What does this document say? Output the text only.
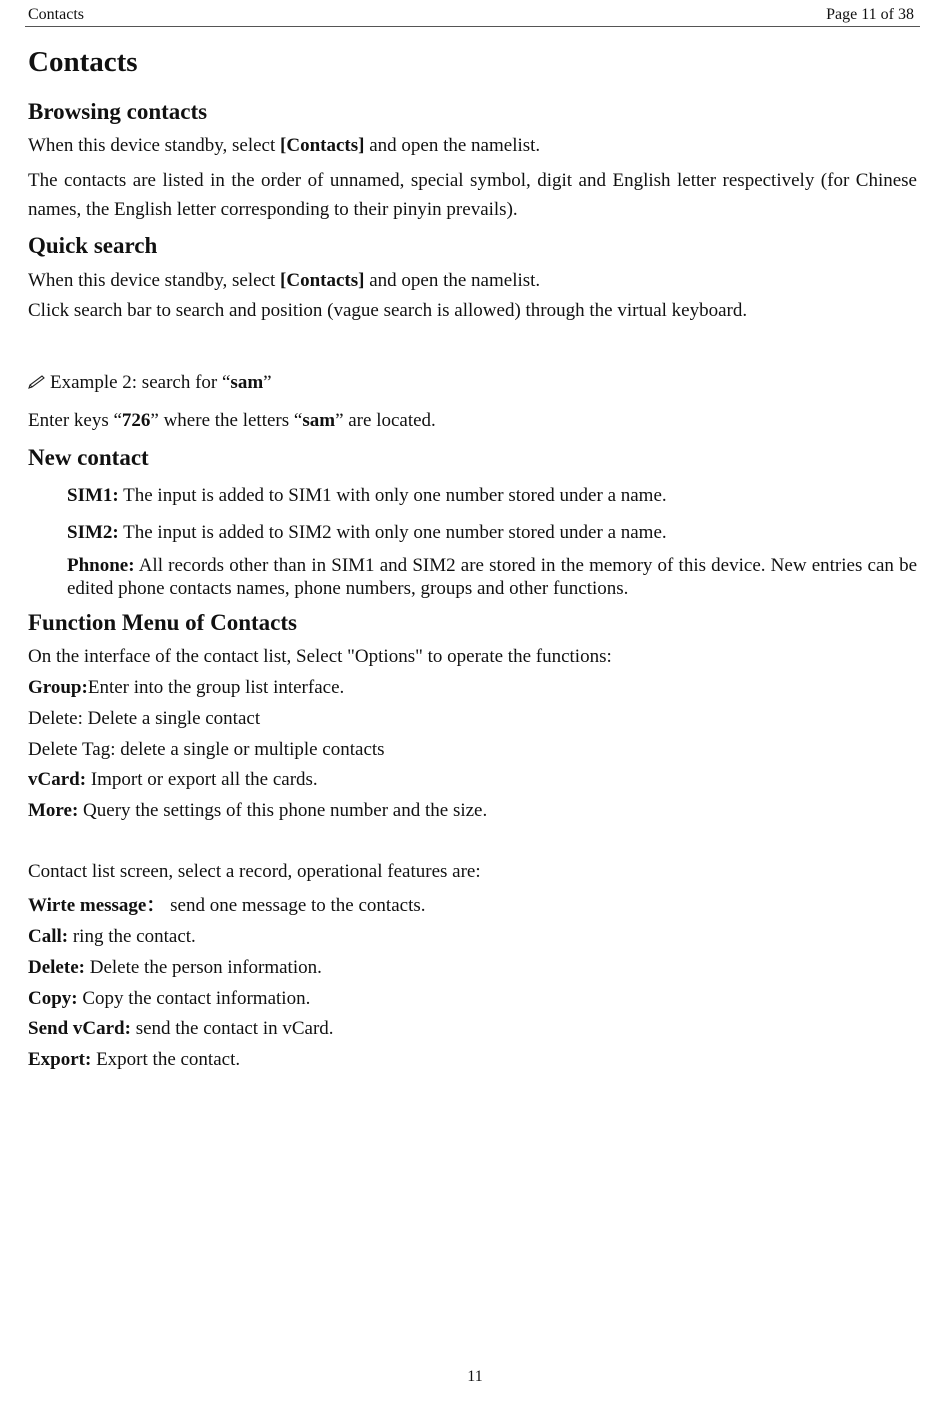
Contacts	Page 11 of 38
Contacts
Browsing contacts

When this device standby, select [Contacts] and open the namelist.

The contacts are listed in the order of unnamed, special symbol, digit and English letter respectively (for Chinese names, the English letter corresponding to their pinyin prevails).

Quick search

When this device standby, select [Contacts] and open the namelist.

Click search bar to search and position (vague search is allowed) through the virtual keyboard.

Example 2: search for “sam”

Enter keys “726” where the letters “sam” are located.

New contact

SIM1: The input is added to SIM1 with only one number stored under a name.

SIM2: The input is added to SIM2 with only one number stored under a name.

Phnone: All records other than in SIM1 and SIM2 are stored in the memory of this device. New entries can be edited phone contacts names, phone numbers, groups and other functions.

Function Menu of Contacts

On the interface of the contact list, Select "Options" to operate the functions:

Group:Enter into the group list interface.

Delete: Delete a single contact

Delete Tag: delete a single or multiple contacts

vCard: Import or export all the cards.

More: Query the settings of this phone number and the size.

Contact list screen, select a record, operational features are:

Wirte message： send one message to the contacts.

Call: ring the contact.

Delete: Delete the person information.

Copy: Copy the contact information.

Send vCard: send the contact in vCard.

Export: Export the contact.

11
